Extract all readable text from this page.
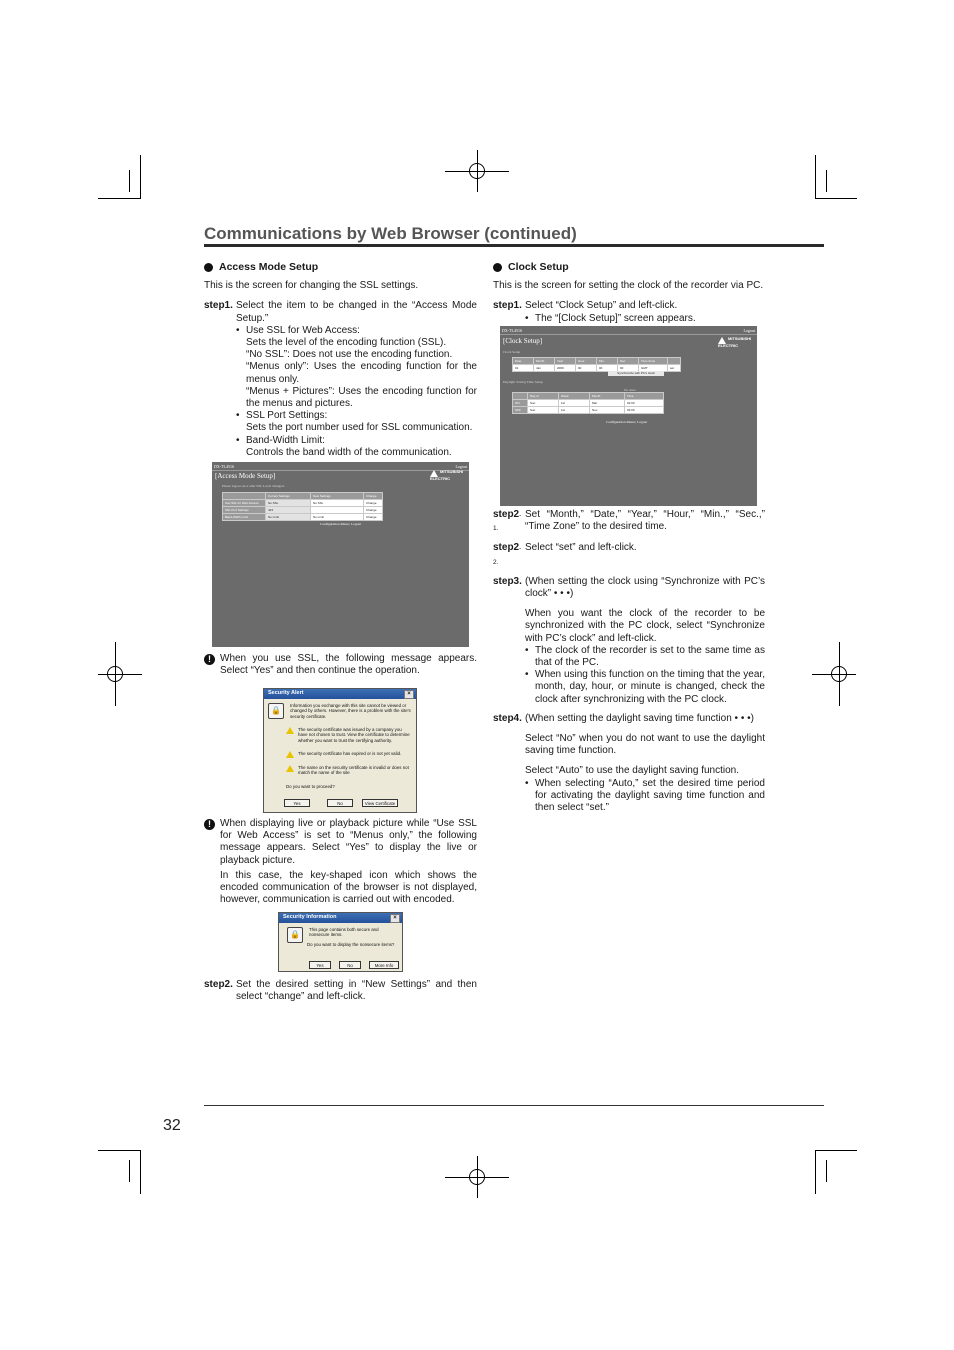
Communications by Web Browser (continued)
32
Access Mode Setup
This is the screen for changing the SSL settings.
step1. Select the item to be changed in the “Access Mode Setup.”
• Use SSL for Web Access:
Sets the level of the encoding function (SSL).
“No SSL”: Does not use the encoding function.
“Menus only”: Uses the encoding function for the menus only.
“Menus + Pictures”: Uses the encoding function for the menus and pictures.
• SSL Port Settings:
Sets the port number used for SSL communication.
• Band-Width Limit:
Controls the band width of the communication.
DX-TL4516	Logout
[Access Mode Setup]
Please logout once after SSL Level changed.
MITSUBISHI ELECTRIC
	Current Settings	New Settings	Change
Use SSL for Web Access	No SSL	No SSL	Change
SSL Port Settings	443		Change
Band-Width Limit	No Limit	No Limit	Change
Configuration Menu | Logout
! When you use SSL, the following message appears. Select “Yes” and then continue the operation.
Security Alert	×
🔒
Information you exchange with this site cannot be viewed or changed by others. However, there is a problem with the site's security certificate.
The security certificate was issued by a company you have not chosen to trust. View the certificate to determine whether you want to trust the certifying authority.
The security certificate has expired or is not yet valid.
The name on the security certificate is invalid or does not match the name of the site
Do you want to proceed?
Yes	No	View Certificate
! When displaying live or playback picture while “Use SSL for Web Access” is set to “Menus only,” the following message appears. Select “Yes” to display the live or playback picture.
In this case, the key-shaped icon which shows the encoded communication of the browser is not displayed, however, communication is carried out with encoded.
Security Information	×
🔒
This page contains both secure and nonsecure items.
Do you want to display the nonsecure items?
Yes	No	More Info
step2. Set the desired setting in “New Settings” and then select “change” and left-click.
Clock Setup
This is the screen for setting the clock of the recorder via PC.
step1. Select “Clock Setup” and left-click.
• The “[Clock Setup]” screen appears.
DX-TL4516	Logout
[Clock Setup]	MITSUBISHI ELECTRIC
Clock Setup
Date	Month	Year	Hour	Min.	Sec.	Time Zone	
01	Jan	2009	00	00	00	GMT	set
Synchronize with PC's clock
Daylight Saving Time Setup
No Auto
	Day of	Week	Month	Time
ON	Sun	1st	Mar	02:00
OFF	Sun	1st	Nov	02:00
Configuration Menu | Logout
step2-1.
Set “Month,” “Date,” “Year,” “Hour,” “Min.,” “Sec.,” “Time Zone” to the desired time.
step2-2.
Select “set” and left-click.
step3. (When setting the clock using “Synchronize with PC’s clock” • • •)
When you want the clock of the recorder to be synchronized with the PC clock, select “Synchronize with PC’s clock” and left-click.
• The clock of the recorder is set to the same time as that of the PC.
• When using this function on the timing that the year, month, day, hour, or minute is changed, check the clock after synchronizing with the PC clock.
step4. (When setting the daylight saving time function • • •)
Select “No” when you do not want to use the daylight saving time function.
Select “Auto” to use the daylight saving function.
• When selecting “Auto,” set the desired time period for activating the daylight saving time function and then select “set.”
